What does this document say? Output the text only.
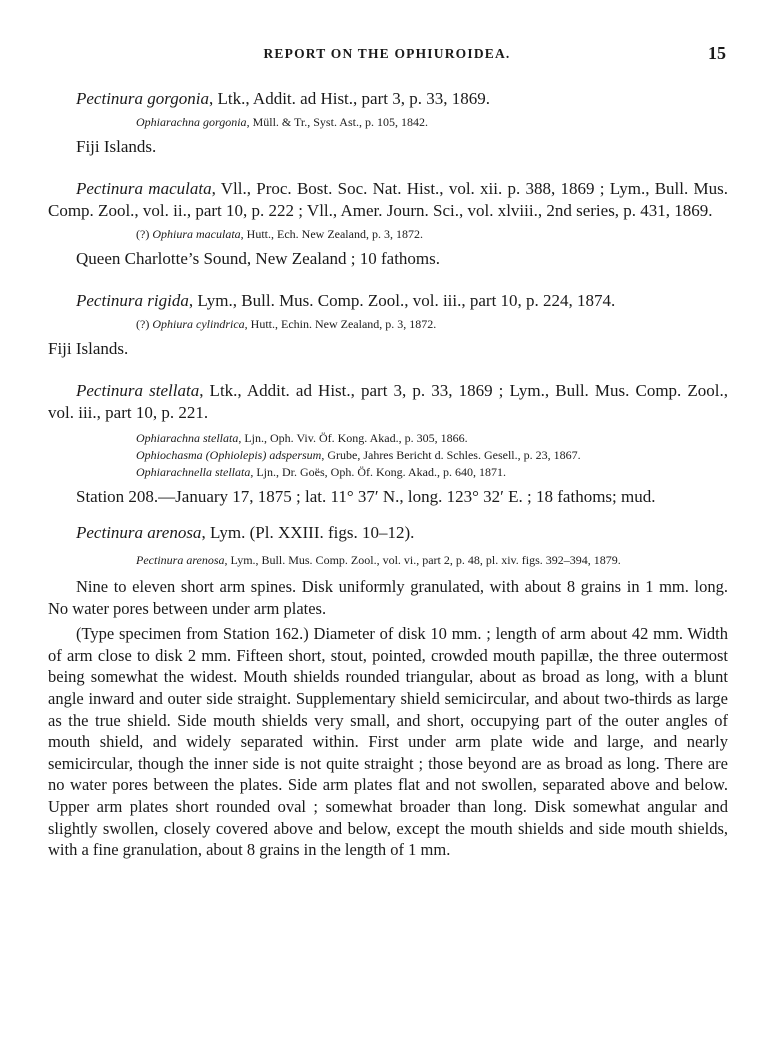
REPORT ON THE OPHIUROIDEA.	15

Pectinura gorgonia, Ltk., Addit. ad Hist., part 3, p. 33, 1869.

Ophiarachna gorgonia, Müll. & Tr., Syst. Ast., p. 105, 1842.

Fiji Islands.

Pectinura maculata, Vll., Proc. Bost. Soc. Nat. Hist., vol. xii. p. 388, 1869 ; Lym., Bull. Mus. Comp. Zool., vol. ii., part 10, p. 222 ; Vll., Amer. Journ. Sci., vol. xlviii., 2nd series, p. 431, 1869.

(?) Ophiura maculata, Hutt., Ech. New Zealand, p. 3, 1872.

Queen Charlotte’s Sound, New Zealand ; 10 fathoms.

Pectinura rigida, Lym., Bull. Mus. Comp. Zool., vol. iii., part 10, p. 224, 1874.

(?) Ophiura cylindrica, Hutt., Echin. New Zealand, p. 3, 1872.

Fiji Islands.

Pectinura stellata, Ltk., Addit. ad Hist., part 3, p. 33, 1869 ; Lym., Bull. Mus. Comp. Zool., vol. iii., part 10, p. 221.

Ophiarachna stellata, Ljn., Oph. Viv. Öf. Kong. Akad., p. 305, 1866.

Ophiochasma (Ophiolepis) adspersum, Grube, Jahres Bericht d. Schles. Gesell., p. 23, 1867.

Ophiarachnella stellata, Ljn., Dr. Goës, Oph. Öf. Kong. Akad., p. 640, 1871.

Station 208.—January 17, 1875 ; lat. 11° 37′ N., long. 123° 32′ E. ; 18 fathoms; mud.

Pectinura arenosa, Lym. (Pl. XXIII. figs. 10–12).

Pectinura arenosa, Lym., Bull. Mus. Comp. Zool., vol. vi., part 2, p. 48, pl. xiv. figs. 392–394, 1879.

Nine to eleven short arm spines. Disk uniformly granulated, with about 8 grains in 1 mm. long. No water pores between under arm plates.

(Type specimen from Station 162.) Diameter of disk 10 mm. ; length of arm about 42 mm. Width of arm close to disk 2 mm. Fifteen short, stout, pointed, crowded mouth papillæ, the three outermost being somewhat the widest. Mouth shields rounded triangular, about as broad as long, with a blunt angle inward and outer side straight. Supplementary shield semicircular, and about two-thirds as large as the true shield. Side mouth shields very small, and short, occupying part of the outer angles of mouth shield, and widely separated within. First under arm plate wide and large, and nearly semicircular, though the inner side is not quite straight ; those beyond are as broad as long. There are no water pores between the plates. Side arm plates flat and not swollen, separated above and below. Upper arm plates short rounded oval ; somewhat broader than long. Disk somewhat angular and slightly swollen, closely covered above and below, except the mouth shields and side mouth shields, with a fine granulation, about 8 grains in the length of 1 mm.
